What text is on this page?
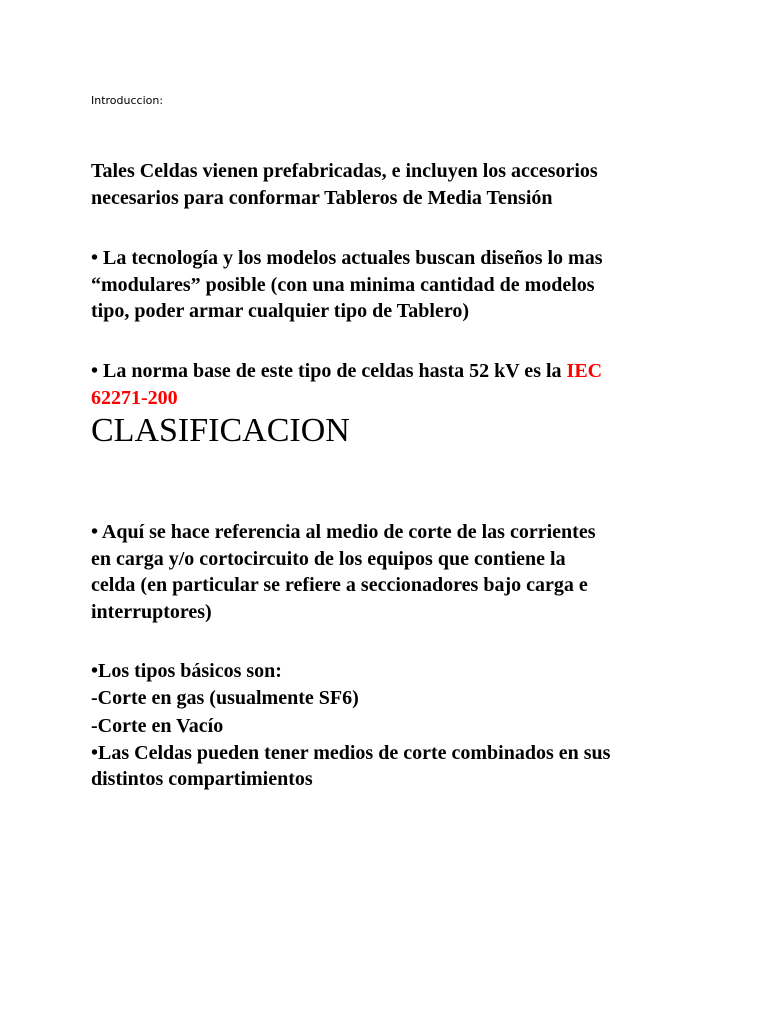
Introduccion:

Tales Celdas vienen prefabricadas, e incluyen los accesorios
necesarios para conformar Tableros de Media Tensión

• La tecnología y los modelos actuales buscan diseños lo mas
“modulares” posible (con una minima cantidad de modelos
tipo, poder armar cualquier tipo de Tablero)

• La norma base de este tipo de celdas hasta 52 kV es la IEC
62271-200

CLASIFICACION

• Aquí se hace referencia al medio de corte de las corrientes
en carga y/o cortocircuito de los equipos que contiene la
celda (en particular se refiere a seccionadores bajo carga e
interruptores)

•Los tipos básicos son:
-Corte en gas (usualmente SF6)
-Corte en Vacío
•Las Celdas pueden tener medios de corte combinados en sus
distintos compartimientos
